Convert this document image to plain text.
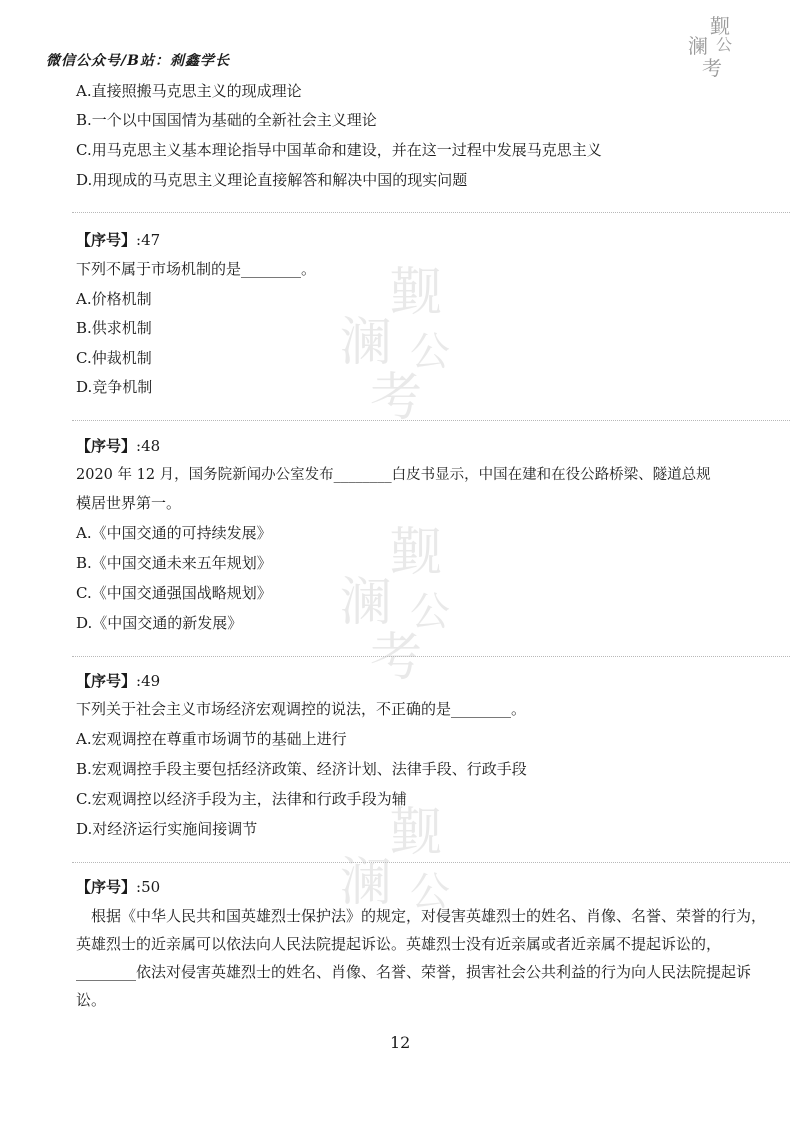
觐
澜 公
考
觐
澜 公
考
觐
澜 公
考
觐
澜 公
微信公众号/B站：刹鑫学长
A.直接照搬马克思主义的现成理论
B.一个以中国国情为基础的全新社会主义理论
C.用马克思主义基本理论指导中国革命和建设，并在这一过程中发展马克思主义
D.用现成的马克思主义理论直接解答和解决中国的现实问题
【序号】:47
下列不属于市场机制的是________。
A.价格机制
B.供求机制
C.仲裁机制
D.竞争机制
【序号】:48
2020 年 12 月，国务院新闻办公室发布________白皮书显示，中国在建和在役公路桥梁、隧道总规
模居世界第一。
A.《中国交通的可持续发展》
B.《中国交通未来五年规划》
C.《中国交通强国战略规划》
D.《中国交通的新发展》
【序号】:49
下列关于社会主义市场经济宏观调控的说法，不正确的是________。
A.宏观调控在尊重市场调节的基础上进行
B.宏观调控手段主要包括经济政策、经济计划、法律手段、行政手段
C.宏观调控以经济手段为主，法律和行政手段为辅
D.对经济运行实施间接调节
【序号】:50
根据《中华人民共和国英雄烈士保护法》的规定，对侵害英雄烈士的姓名、肖像、名誉、荣誉的行为，英雄烈士的近亲属可以依法向人民法院提起诉讼。英雄烈士没有近亲属或者近亲属不提起诉讼的，________依法对侵害英雄烈士的姓名、肖像、名誉、荣誉，损害社会公共利益的行为向人民法院提起诉讼。
12
